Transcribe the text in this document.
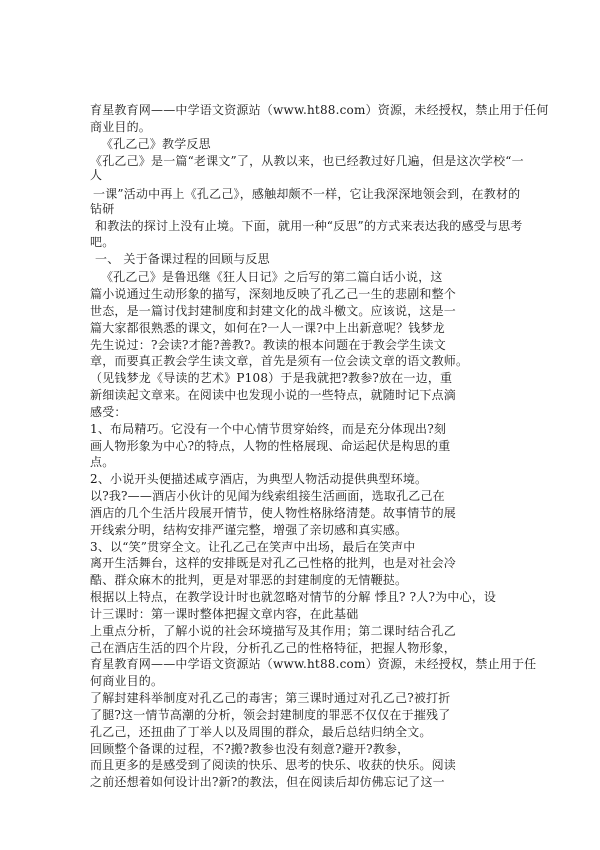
育星教育网——中学语文资源站（www.ht88.com）资源，未经授权，禁止用于任何
商业目的。
《孔乙己》教学反思
《孔乙己》是一篇“老课文”了，从教以来，也已经教过好几遍，但是这次学校“一
人
一课”活动中再上《孔乙己》，感触却颇不一样，它让我深深地领会到，在教材的
钻研
和教法的探讨上没有止境。下面，就用一种“反思”的方式来表达我的感受与思考
吧。
一、 关于备课过程的回顾与反思
《孔乙己》是鲁迅继《狂人日记》之后写的第二篇白话小说，这
篇小说通过生动形象的描写，深刻地反映了孔乙己一生的悲剧和整个
世态，是一篇讨伐封建制度和封建文化的战斗檄文。应该说，这是一
篇大家都很熟悉的课文，如何在?一人一课?中上出新意呢？钱梦龙
先生说过：?会读?才能?善教?。教读的根本问题在于教会学生读文
章，而要真正教会学生读文章，首先是须有一位会读文章的语文教师。
（见钱梦龙《导读的艺术》P108）于是我就把?教参?放在一边，重
新细读起文章来。在阅读中也发现小说的一些特点，就随时记下点滴
感受：
1、布局精巧。它没有一个中心情节贯穿始终，而是充分体现出?刻
画人物形象为中心?的特点，人物的性格展现、命运起伏是构思的重
点。
2、小说开头便描述咸亨酒店，为典型人物活动提供典型环境。
以?我?——酒店小伙计的见闻为线索组接生活画面，选取孔乙己在
酒店的几个生活片段展开情节，使人物性格脉络清楚。故事情节的展
开线索分明，结构安排严谨完整，增强了亲切感和真实感。
3、以“笑”贯穿全文。让孔乙己在笑声中出场，最后在笑声中
离开生活舞台，这样的安排既是对孔乙己性格的批判，也是对社会冷
酷、群众麻木的批判，更是对罪恶的封建制度的无情鞭挞。
根据以上特点，在教学设计时也就忽略对情节的分解 悸且? ?人?为中心，设
计三课时：第一课时整体把握文章内容，在此基础
上重点分析，了解小说的社会环境描写及其作用；第二课时结合孔乙
己在酒店生活的四个片段，分析孔乙己的性格特征，把握人物形象，
育星教育网——中学语文资源站（www.ht88.com）资源，未经授权，禁止用于任
何商业目的。
了解封建科举制度对孔乙己的毒害；第三课时通过对孔乙己?被打折
了腿?这一情节高潮的分析，领会封建制度的罪恶不仅仅在于摧残了
孔乙己，还扭曲了丁举人以及周围的群众，最后总结归纳全文。
回顾整个备课的过程，不?搬?教参也没有刻意?避开?教参，
而且更多的是感受到了阅读的快乐、思考的快乐、收获的快乐。阅读
之前还想着如何设计出?新?的教法，但在阅读后却仿佛忘记了这一
